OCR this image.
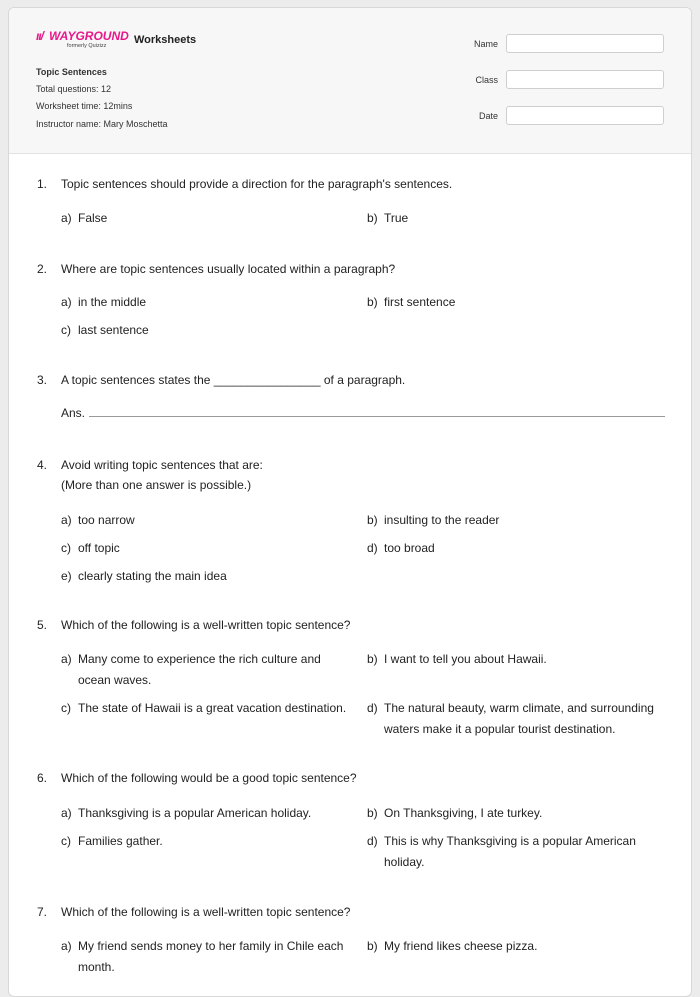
ıı/ WAYGROUND
formerly Quizizz	Worksheets
Topic Sentences
Total questions: 12
Worksheet time: 12mins
Instructor name: Mary Moschetta
Name
Class
Date
1.	Topic sentences should provide a direction for the paragraph's sentences.
a) False	b) True
2.	Where are topic sentences usually located within a paragraph?
a) in the middle	b) first sentence
c) last sentence
3.	A topic sentences states the ________________ of a paragraph.
Ans.
4.	Avoid writing topic sentences that are:
(More than one answer is possible.)
a) too narrow	b) insulting to the reader
c) off topic	d) too broad
e) clearly stating the main idea
5.	Which of the following is a well-written topic sentence?
a) Many come to experience the rich culture and ocean waves.
b) I want to tell you about Hawaii.
c) The state of Hawaii is a great vacation destination. d) The natural beauty, warm climate, and surrounding waters make it a popular tourist destination.
6.	Which of the following would be a good topic sentence?
a) Thanksgiving is a popular American holiday.	b) On Thanksgiving, I ate turkey.
c) Families gather.	d) This is why Thanksgiving is a popular American holiday.
7.	Which of the following is a well-written topic sentence?
a) My friend sends money to her family in Chile each month.
b) My friend likes cheese pizza.
